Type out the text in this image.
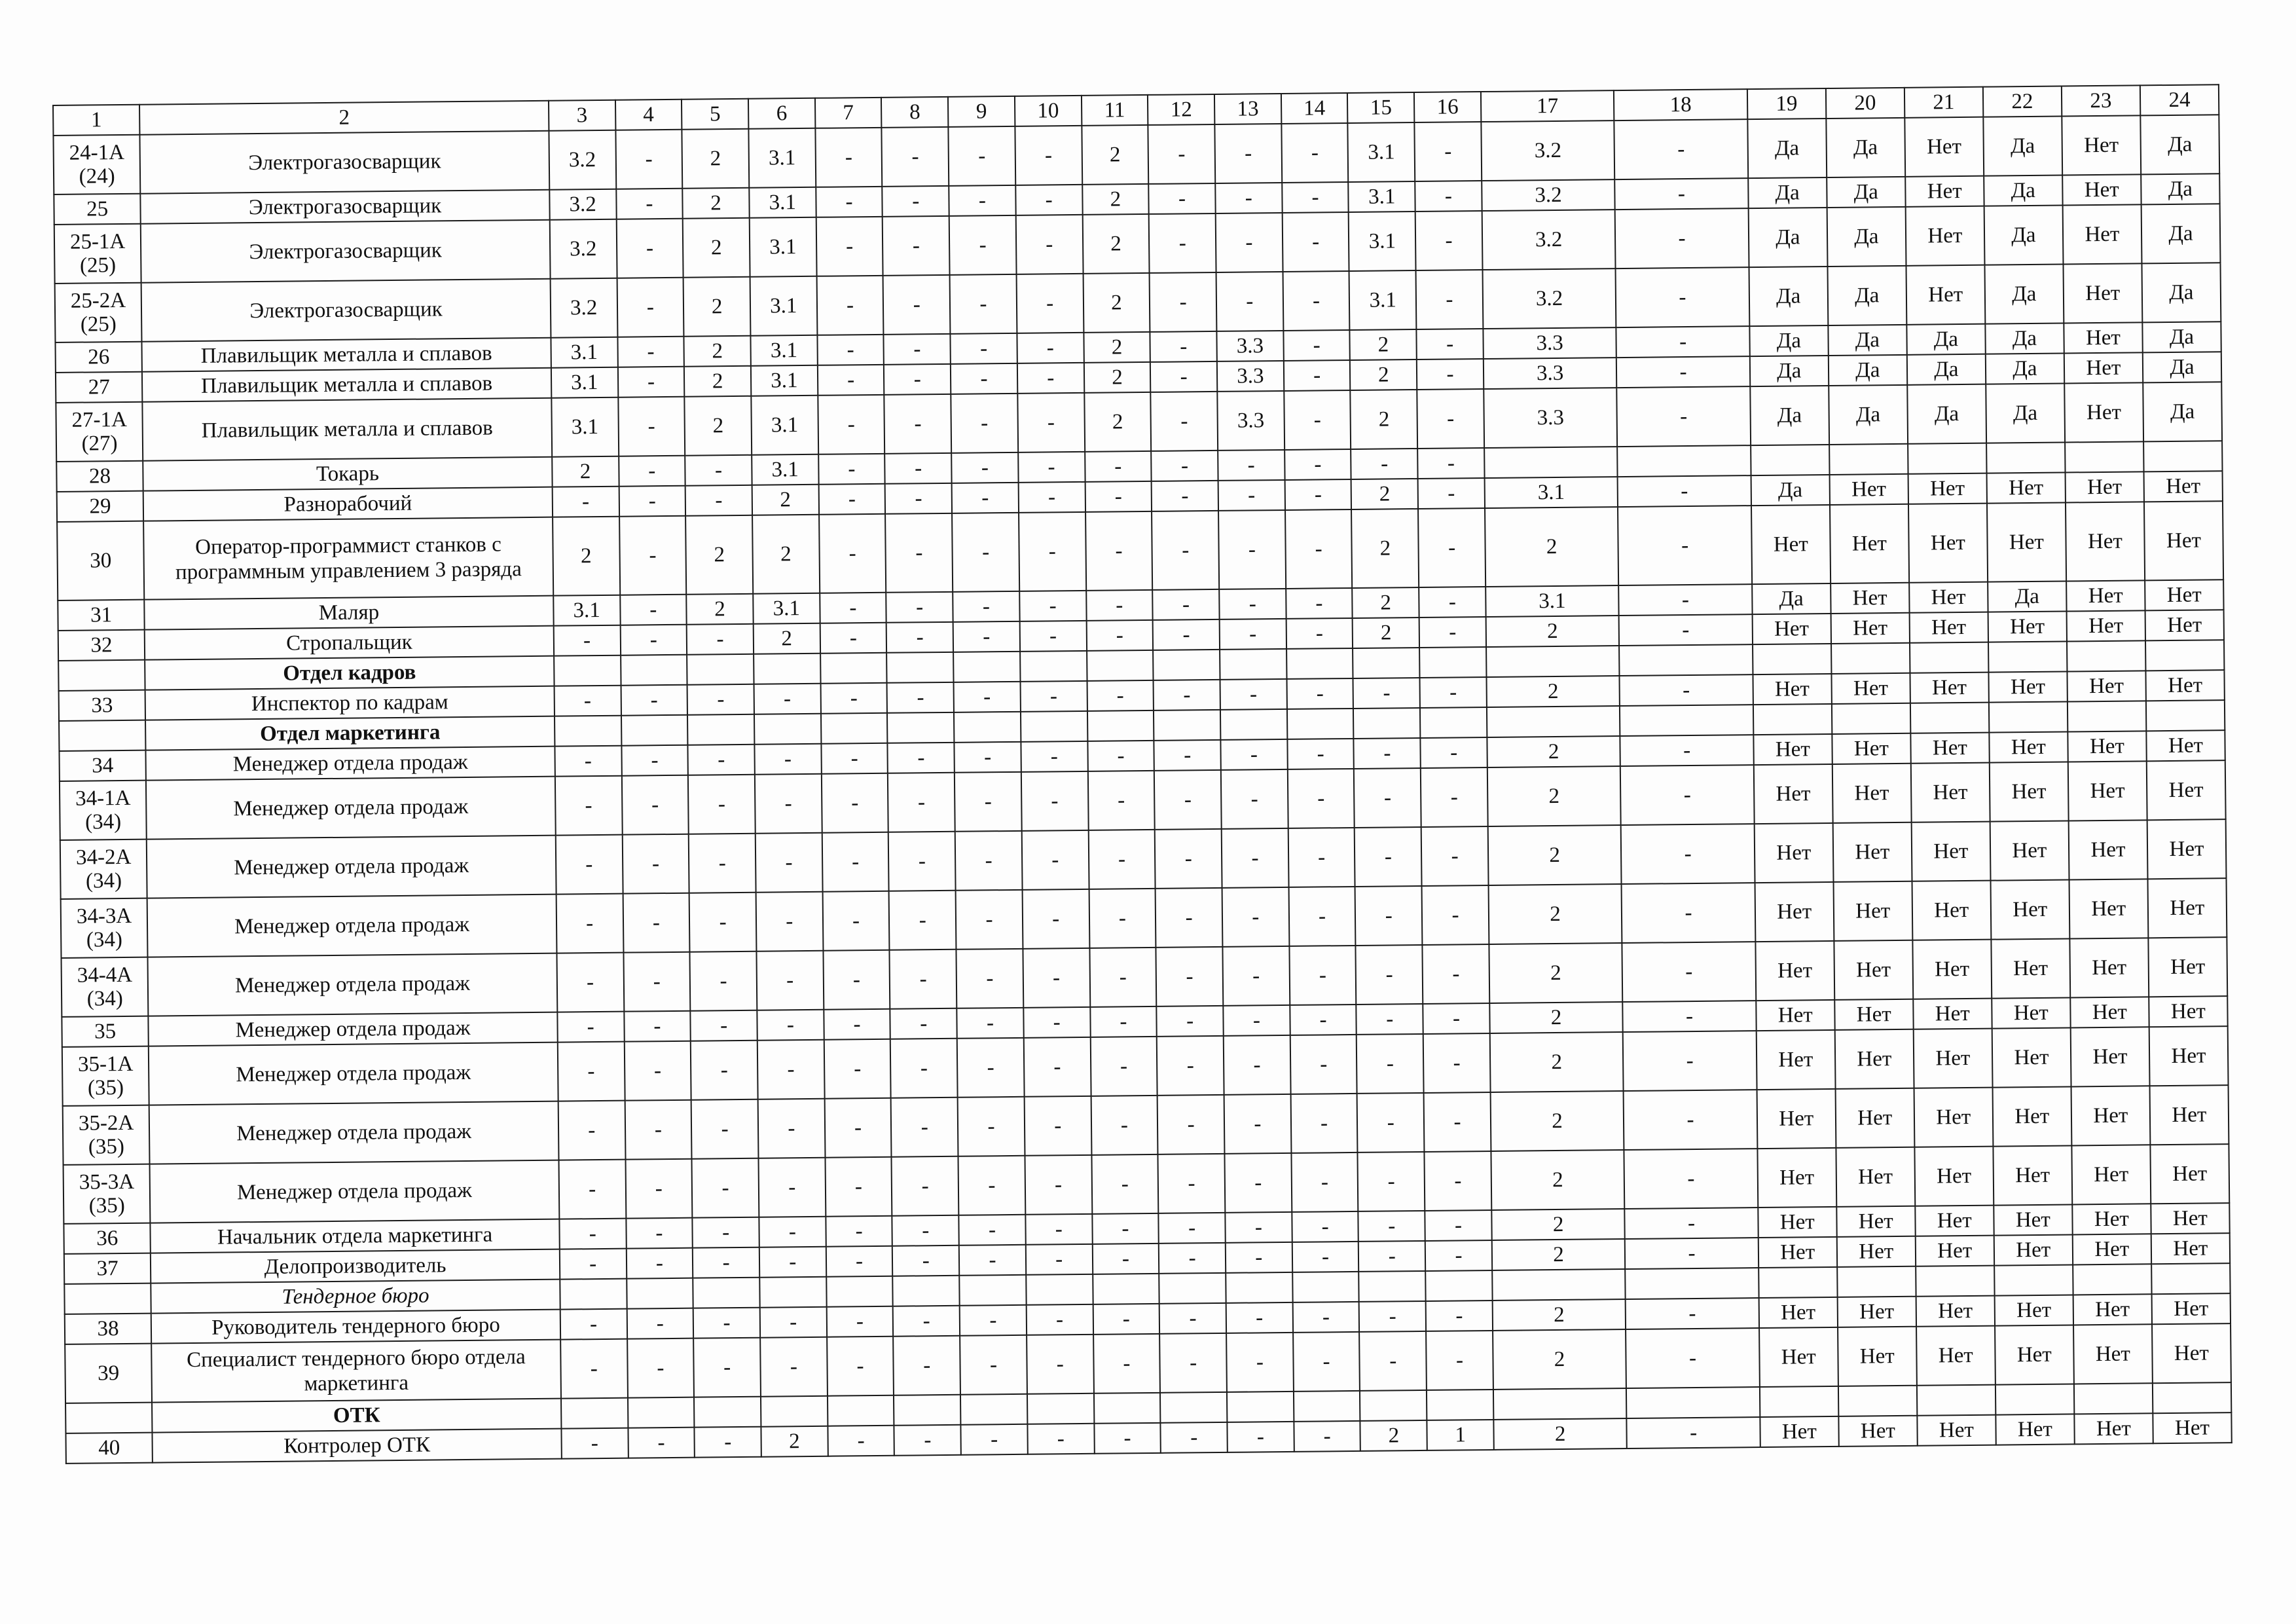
1	2	3	4	5	6	7	8	9	10	11	12	13	14	15	16	17	18	19	20	21	22	23	24
24-1А (24)	Электрогазосварщик	3.2	-	2	3.1	-	-	-	-	2	-	-	-	3.1	-	3.2	-	Да	Да	Нет	Да	Нет	Да
25	Электрогазосварщик	3.2	-	2	3.1	-	-	-	-	2	-	-	-	3.1	-	3.2	-	Да	Да	Нет	Да	Нет	Да
25-1А (25)	Электрогазосварщик	3.2	-	2	3.1	-	-	-	-	2	-	-	-	3.1	-	3.2	-	Да	Да	Нет	Да	Нет	Да
25-2А (25)	Электрогазосварщик	3.2	-	2	3.1	-	-	-	-	2	-	-	-	3.1	-	3.2	-	Да	Да	Нет	Да	Нет	Да
26	Плавильщик металла и сплавов	3.1	-	2	3.1	-	-	-	-	2	-	3.3	-	2	-	3.3	-	Да	Да	Да	Да	Нет	Да
27	Плавильщик металла и сплавов	3.1	-	2	3.1	-	-	-	-	2	-	3.3	-	2	-	3.3	-	Да	Да	Да	Да	Нет	Да
27-1А (27)	Плавильщик металла и сплавов	3.1	-	2	3.1	-	-	-	-	2	-	3.3	-	2	-	3.3	-	Да	Да	Да	Да	Нет	Да
28	Токарь	2	-	-	3.1	-	-	-	-	-	-	-	-	-	-								
29	Разнорабочий	-	-	-	2	-	-	-	-	-	-	-	-	2	-	3.1	-	Да	Нет	Нет	Нет	Нет	Нет
30	Оператор-программист станков с программным управлением 3 разряда	2	-	2	2	-	-	-	-	-	-	-	-	2	-	2	-	Нет	Нет	Нет	Нет	Нет	Нет
31	Маляр	3.1	-	2	3.1	-	-	-	-	-	-	-	-	2	-	3.1	-	Да	Нет	Нет	Да	Нет	Нет
32	Стропальщик	-	-	-	2	-	-	-	-	-	-	-	-	2	-	2	-	Нет	Нет	Нет	Нет	Нет	Нет
	Отдел кадров																						
33	Инспектор по кадрам	-	-	-	-	-	-	-	-	-	-	-	-	-	-	2	-	Нет	Нет	Нет	Нет	Нет	Нет
	Отдел маркетинга																						
34	Менеджер отдела продаж	-	-	-	-	-	-	-	-	-	-	-	-	-	-	2	-	Нет	Нет	Нет	Нет	Нет	Нет
34-1А (34)	Менеджер отдела продаж	-	-	-	-	-	-	-	-	-	-	-	-	-	-	2	-	Нет	Нет	Нет	Нет	Нет	Нет
34-2А (34)	Менеджер отдела продаж	-	-	-	-	-	-	-	-	-	-	-	-	-	-	2	-	Нет	Нет	Нет	Нет	Нет	Нет
34-3А (34)	Менеджер отдела продаж	-	-	-	-	-	-	-	-	-	-	-	-	-	-	2	-	Нет	Нет	Нет	Нет	Нет	Нет
34-4А (34)	Менеджер отдела продаж	-	-	-	-	-	-	-	-	-	-	-	-	-	-	2	-	Нет	Нет	Нет	Нет	Нет	Нет
35	Менеджер отдела продаж	-	-	-	-	-	-	-	-	-	-	-	-	-	-	2	-	Нет	Нет	Нет	Нет	Нет	Нет
35-1А (35)	Менеджер отдела продаж	-	-	-	-	-	-	-	-	-	-	-	-	-	-	2	-	Нет	Нет	Нет	Нет	Нет	Нет
35-2А (35)	Менеджер отдела продаж	-	-	-	-	-	-	-	-	-	-	-	-	-	-	2	-	Нет	Нет	Нет	Нет	Нет	Нет
35-3А (35)	Менеджер отдела продаж	-	-	-	-	-	-	-	-	-	-	-	-	-	-	2	-	Нет	Нет	Нет	Нет	Нет	Нет
36	Начальник отдела маркетинга	-	-	-	-	-	-	-	-	-	-	-	-	-	-	2	-	Нет	Нет	Нет	Нет	Нет	Нет
37	Делопроизводитель	-	-	-	-	-	-	-	-	-	-	-	-	-	-	2	-	Нет	Нет	Нет	Нет	Нет	Нет
	Тендерное бюро																						
38	Руководитель тендерного бюро	-	-	-	-	-	-	-	-	-	-	-	-	-	-	2	-	Нет	Нет	Нет	Нет	Нет	Нет
39	Специалист тендерного бюро отдела маркетинга	-	-	-	-	-	-	-	-	-	-	-	-	-	-	2	-	Нет	Нет	Нет	Нет	Нет	Нет
	ОТК																						
40	Контролер ОТК	-	-	-	2	-	-	-	-	-	-	-	-	2	1	2	-	Нет	Нет	Нет	Нет	Нет	Нет
